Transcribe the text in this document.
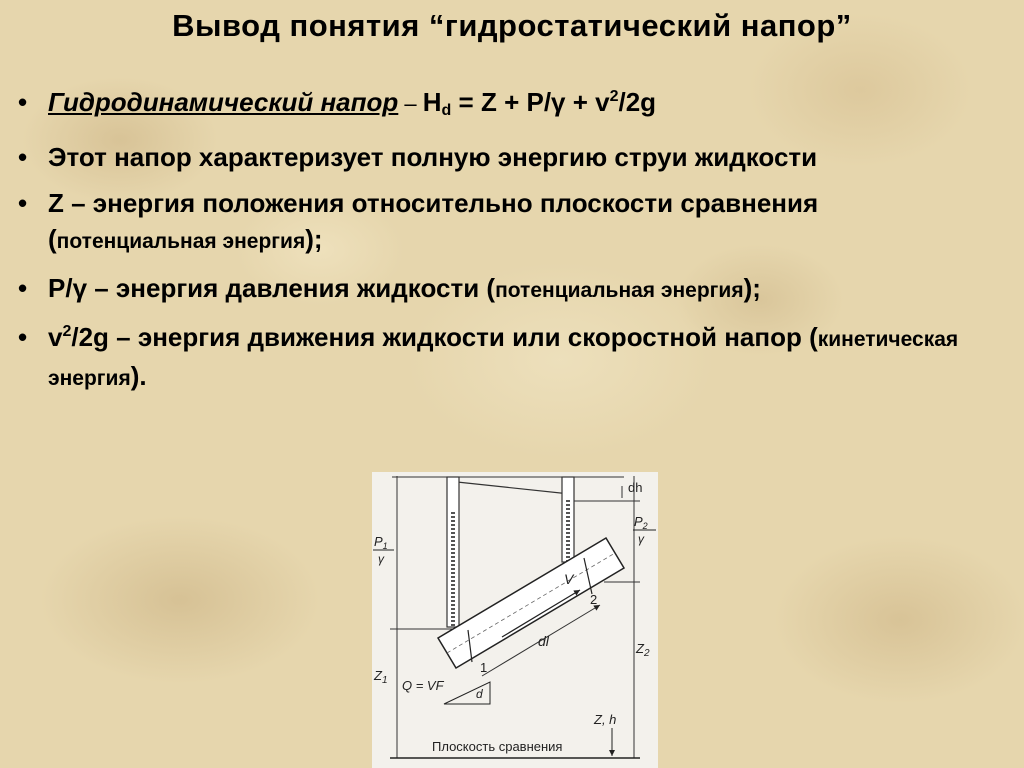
Вывод понятия “гидростатический напор”
• Гидродинамический напор – $H_d = Z + P/\gamma + v^2/2g$
• Этот напор характеризует полную энергию струи жидкости
• Z – энергия положения относительно плоскости сравнения (потенциальная энергия);
• P/γ – энергия давления жидкости (потенциальная энергия);
• $v^2/2g$ – энергия движения жидкости или скоростной напор (кинетическая энергия).
dh
$P_2$
γ
$P_1$
γ
V
2
dl	$Z_2$
$Z_1$
1
Q = VF
d
Z, h
Плоскость сравнения
